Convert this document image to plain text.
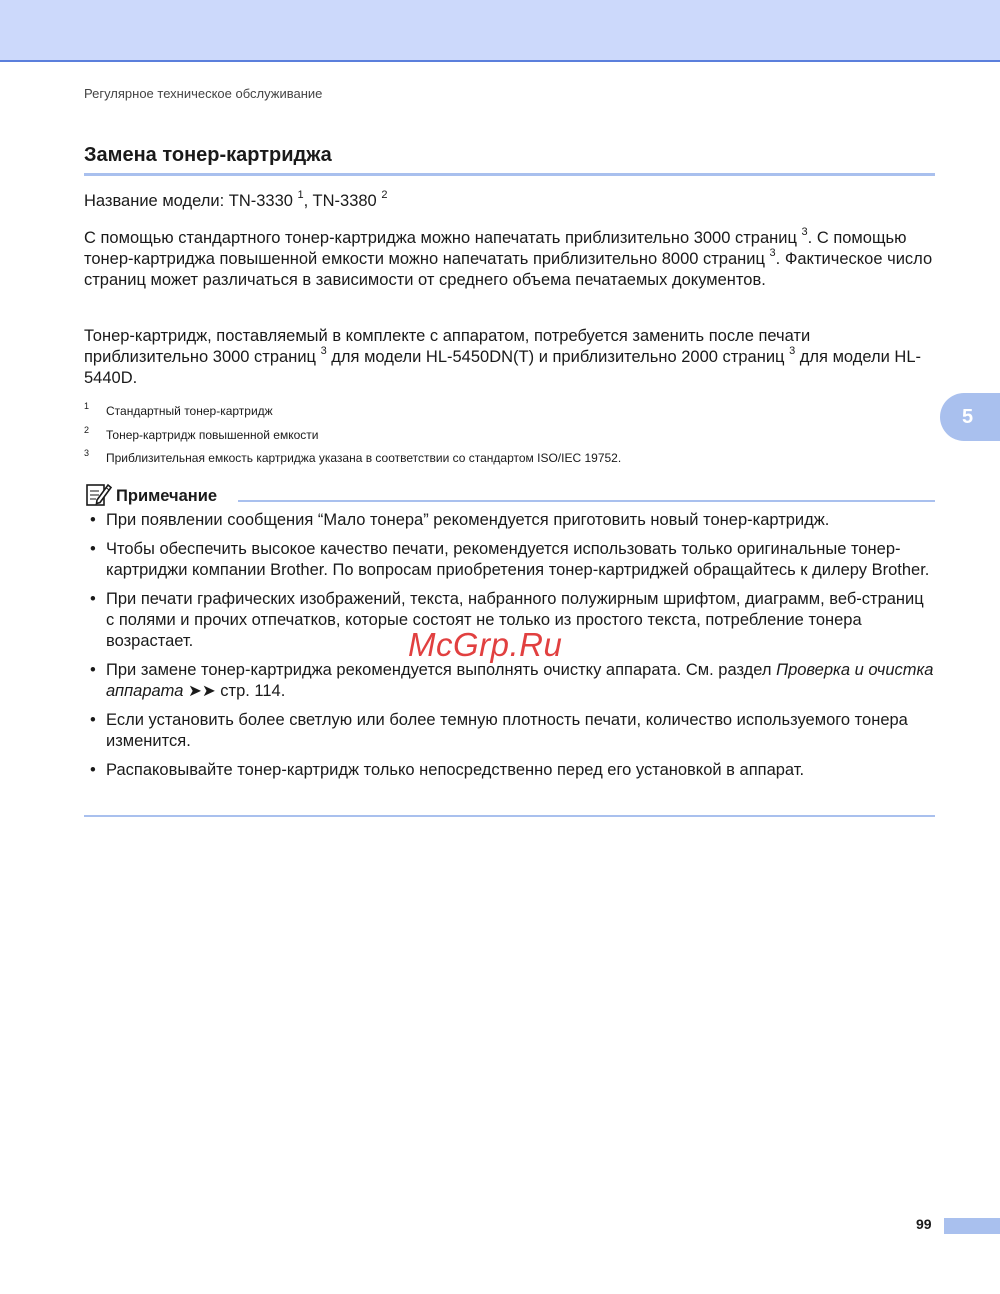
Регулярное техническое обслуживание
Замена тонер-картриджа

Название модели: TN-3330 $^1$, TN-3380 $^2$

С помощью стандартного тонер-картриджа можно напечатать приблизительно 3000 страниц $^3$. С помощью тонер-картриджа повышенной емкости можно напечатать приблизительно 8000 страниц $^3$. Фактическое число страниц может различаться в зависимости от среднего объема печатаемых документов.

Тонер-картридж, поставляемый в комплекте с аппаратом, потребуется заменить после печати приблизительно 3000 страниц $^3$ для модели HL-5450DN(T) и приблизительно 2000 страниц $^3$ для модели HL-5440D.

1 Стандартный тонер-картридж
2 Тонер-картридж повышенной емкости
3 Приблизительная емкость картриджа указана в соответствии со стандартом ISO/IEC 19752.
5
Примечание
• При появлении сообщения “Мало тонера” рекомендуется приготовить новый тонер-картридж.
• Чтобы обеспечить высокое качество печати, рекомендуется использовать только оригинальные тонер-картриджи компании Brother. По вопросам приобретения тонер-картриджей обращайтесь к дилеру Brother.
• При печати графических изображений, текста, набранного полужирным шрифтом, диаграмм, веб-страниц с полями и прочих отпечатков, которые состоят не только из простого текста, потребление тонера возрастает.
• При замене тонер-картриджа рекомендуется выполнять очистку аппарата. См. раздел Проверка и очистка аппарата ➤➤ стр. 114.
• Если установить более светлую или более темную плотность печати, количество используемого тонера изменится.
• Распаковывайте тонер-картридж только непосредственно перед его установкой в аппарат.
McGrp.Ru
99
